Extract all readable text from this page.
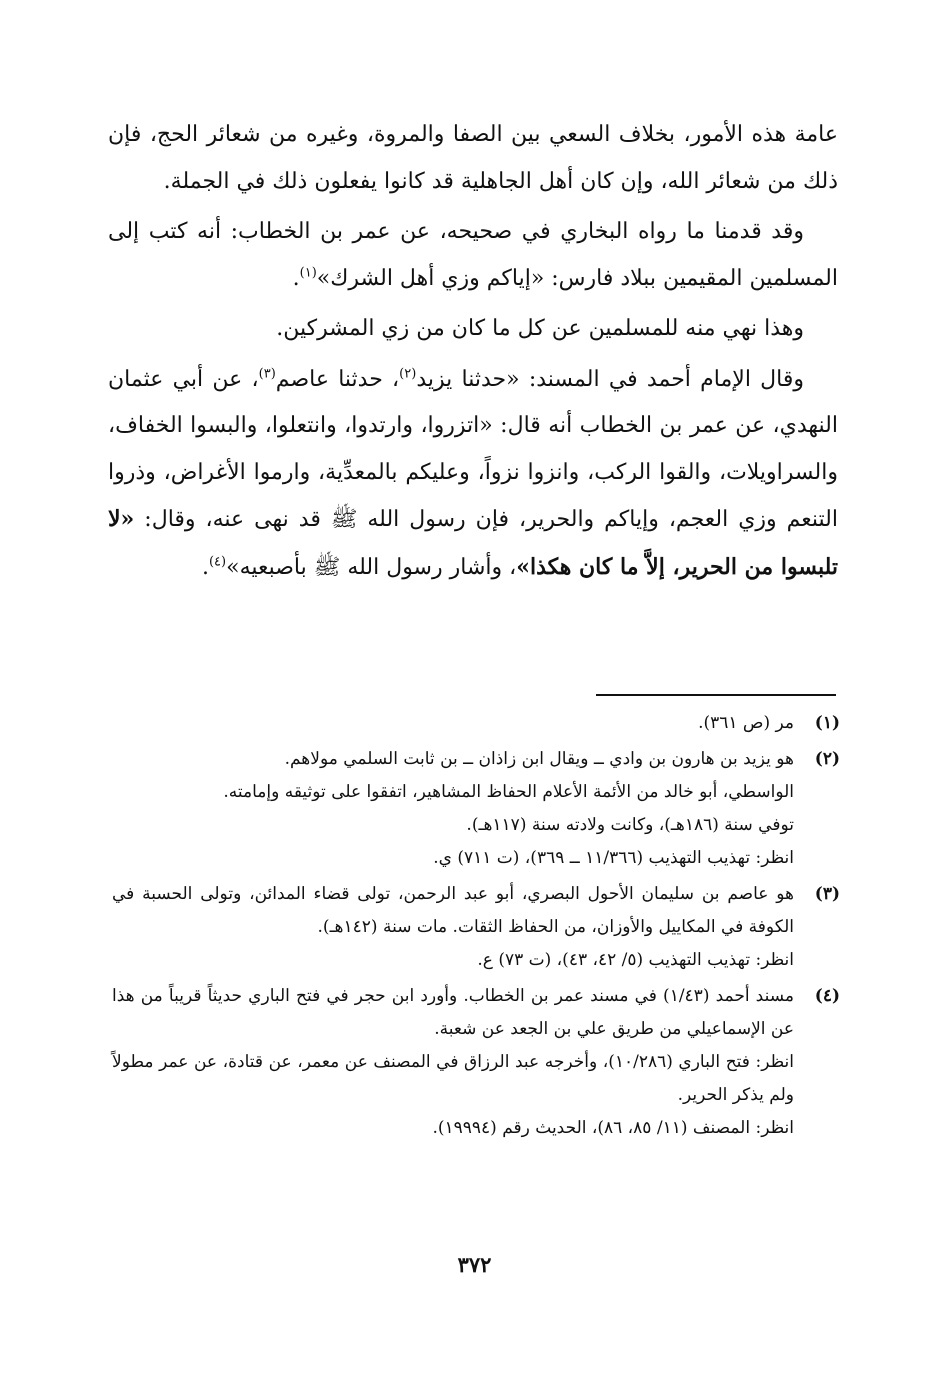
عامة هذه الأمور، بخلاف السعي بين الصفا والمروة، وغيره من شعائر الحج، فإن ذلك من شعائر الله، وإن كان أهل الجاهلية قد كانوا يفعلون ذلك في الجملة.

وقد قدمنا ما رواه البخاري في صحيحه، عن عمر بن الخطاب: أنه كتب إلى المسلمين المقيمين ببلاد فارس: «إياكم وزي أهل الشرك»$^{(١)}$.

وهذا نهي منه للمسلمين عن كل ما كان من زي المشركين.

وقال الإمام أحمد في المسند: «حدثنا يزيد$^{(٢)}$، حدثنا عاصم$^{(٣)}$، عن أبي عثمان النهدي، عن عمر بن الخطاب أنه قال: «اتزروا، وارتدوا، وانتعلوا، والبسوا الخفاف، والسراويلات، والقوا الركب، وانزوا نزواً، وعليكم بالمعدِّية، وارموا الأغراض، وذروا التنعم وزي العجم، وإياكم والحرير، فإن رسول الله ﷺ قد نهى عنه، وقال: «لا تلبسوا من الحرير، إلاَّ ما كان هكذا»، وأشار رسول الله ﷺ بأصبعيه»$^{(٤)}$.

(١)

مر (ص ٣٦١).

(٢)

هو يزيد بن هارون بن وادي ــ ويقال ابن زاذان ــ بن ثابت السلمي مولاهم.

الواسطي، أبو خالد من الأئمة الأعلام الحفاظ المشاهير، اتفقوا على توثيقه وإمامته.

توفي سنة (١٨٦هـ)، وكانت ولادته سنة (١١٧هـ).

انظر: تهذيب التهذيب (١١/٣٦٦ ــ ٣٦٩)، (ت ٧١١) ي.

(٣)

هو عاصم بن سليمان الأحول البصري، أبو عبد الرحمن، تولى قضاء المدائن، وتولى الحسبة في الكوفة في المكاييل والأوزان، من الحفاظ الثقات. مات سنة (١٤٢هـ).

انظر: تهذيب التهذيب (٥/ ٤٢، ٤٣)، (ت ٧٣) ع.

(٤)

مسند أحمد (١/٤٣) في مسند عمر بن الخطاب. وأورد ابن حجر في فتح الباري حديثاً قريباً من هذا عن الإسماعيلي من طريق علي بن الجعد عن شعبة.

انظر: فتح الباري (١٠/٢٨٦)، وأخرجه عبد الرزاق في المصنف عن معمر، عن قتادة، عن عمر مطولاً ولم يذكر الحرير.

انظر: المصنف (١١/ ٨٥، ٨٦)، الحديث رقم (١٩٩٩٤).

٣٧٢
